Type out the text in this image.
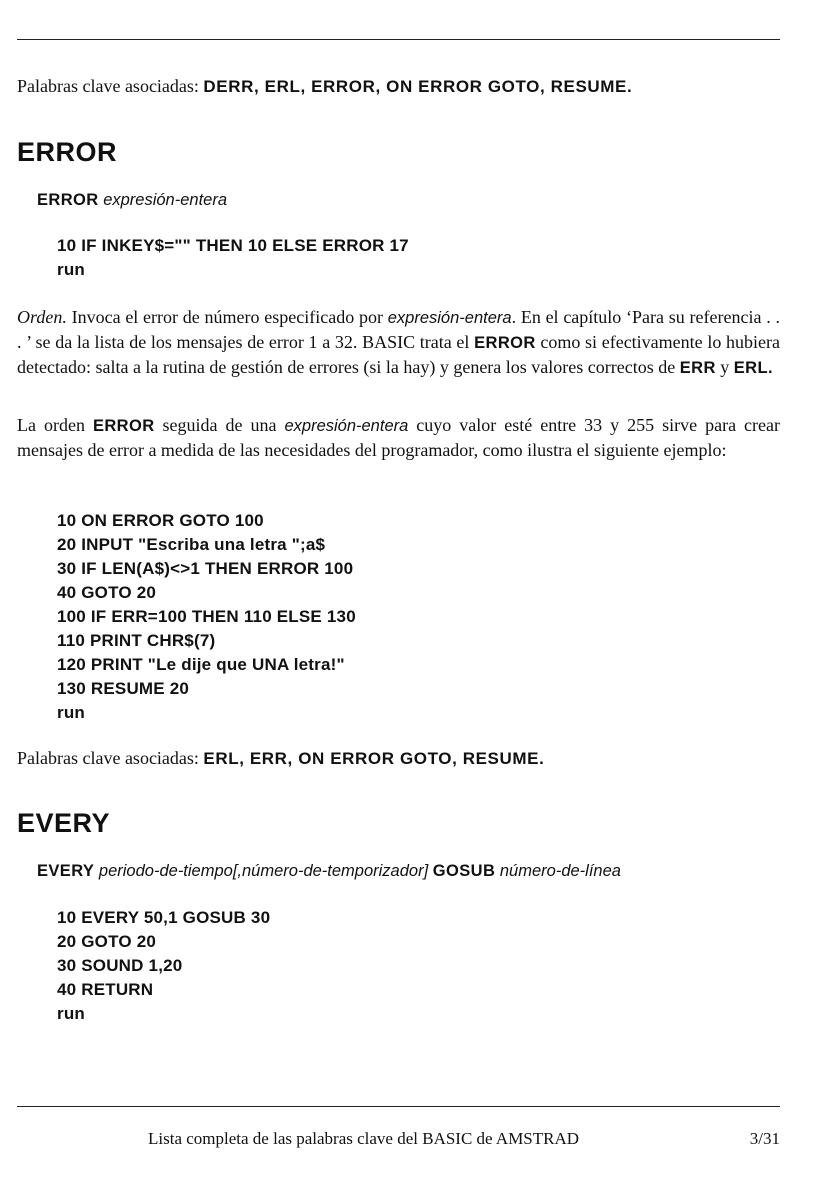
Palabras clave asociadas: DERR, ERL, ERROR, ON ERROR GOTO, RESUME.
ERROR
ERROR expresión-entera
10 IF INKEY$="" THEN 10 ELSE ERROR 17
run
Orden. Invoca el error de número especificado por expresión-entera. En el capítulo ‘Para su referencia . . . ’ se da la lista de los mensajes de error 1 a 32. BASIC trata el ERROR como si efectivamente lo hubiera detectado: salta a la rutina de gestión de errores (si la hay) y genera los valores correctos de ERR y ERL.
La orden ERROR seguida de una expresión-entera cuyo valor esté entre 33 y 255 sirve para crear mensajes de error a medida de las necesidades del programador, como ilustra el siguiente ejemplo:
10 ON ERROR GOTO 100
20 INPUT "Escriba una letra ";a$
30 IF LEN(A$)<>1 THEN ERROR 100
40 GOTO 20
100 IF ERR=100 THEN 110 ELSE 130
110 PRINT CHR$(7)
120 PRINT "Le dije que UNA letra!"
130 RESUME 20
run
Palabras clave asociadas: ERL, ERR, ON ERROR GOTO, RESUME.
EVERY
EVERY periodo-de-tiempo[,número-de-temporizador] GOSUB número-de-línea
10 EVERY 50,1 GOSUB 30
20 GOTO 20
30 SOUND 1,20
40 RETURN
run
Lista completa de las palabras clave del BASIC de AMSTRAD	3/31
